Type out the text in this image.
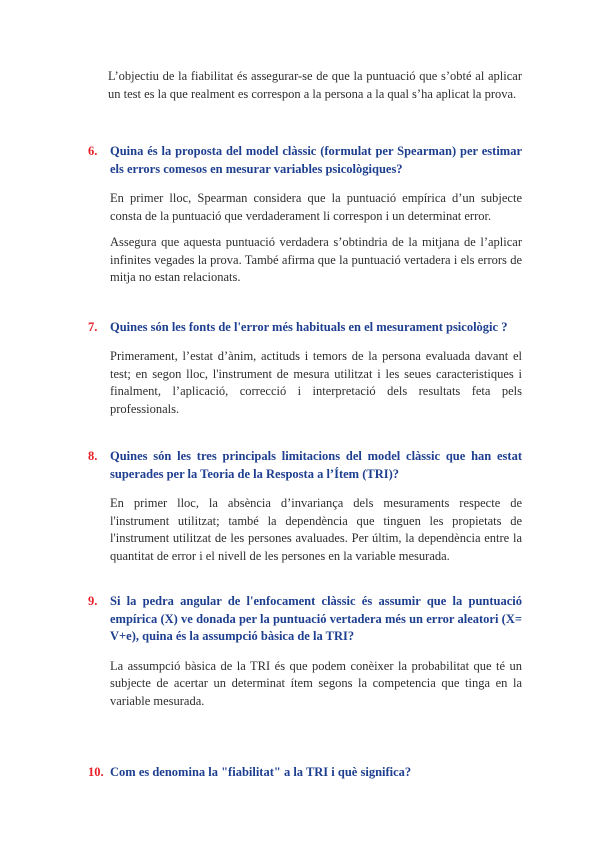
L’objectiu de la fiabilitat és assegurar-se de que la puntuació que s’obté al aplicar un test es la que realment es correspon a la persona a la qual s’ha aplicat la prova.

6.	Quina és la proposta del model clàssic (formulat per Spearman) per estimar els errors comesos en mesurar variables psicològiques?

En primer lloc, Spearman considera que la puntuació empírica d’un subjecte consta de la puntuació que verdaderament li correspon i un determinat error.

Assegura que aquesta puntuació verdadera s’obtindria de la mitjana de l’aplicar infinites vegades la prova. També afirma que la puntuació vertadera i els errors de mitja no estan relacionats.

7.	Quines són les fonts de l'error més habituals en el mesurament psicològic ?

Primerament, l’estat d’ànim, actituds i temors de la persona evaluada davant el test; en segon lloc, l'instrument de mesura utilitzat i les seues caracteristiques i finalment, l’aplicació, correcció i interpretació dels resultats feta pels professionals.

8.	Quines són les tres principals limitacions del model clàssic que han estat superades per la Teoria de la Resposta a l’Ítem (TRI)?

En primer lloc, la absència d’invariança dels mesuraments respecte de l'instrument utilitzat; també la dependència que tinguen les propietats de l'instrument utilitzat de les persones avaluades. Per últim, la dependència entre la quantitat de error i el nivell de les persones en la variable mesurada.

9.	Si la pedra angular de l'enfocament clàssic és assumir que la puntuació empírica (X) ve donada per la puntuació vertadera més un error aleatori (X= V+e), quina és la assumpció bàsica de la TRI?

La assumpció bàsica de la TRI és que podem conèixer la probabilitat que té un subjecte de acertar un determinat ítem segons la competencia que tinga en la variable mesurada.

10. Com es denomina la "fiabilitat" a la TRI i què significa?
